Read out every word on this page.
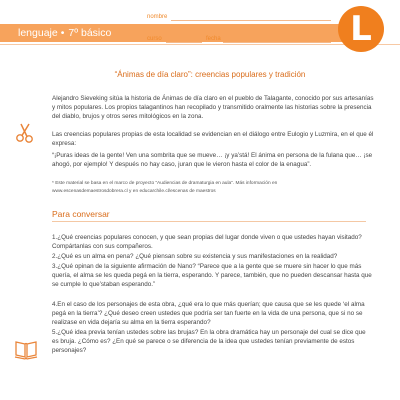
lenguaje • 7º básico
nombre
curso	fecha	L
“Ánimas de día claro”: creencias populares y tradición
Alejandro Sieveking sitúa la historia de Ánimas de día claro en el pueblo de Talagante, conocido por sus artesanías y mitos populares. Los propios talagantinos han recopilado y transmitido oralmente las historias sobre la presencia del diablo, brujos y otros seres mitológicos en la zona.
Las creencias populares propias de esta localidad se evidencian en el diálogo entre Eulogio y Luzmira, en el que él expresa:
“¡Puras ideas de la gente! Ven una sombrita que se mueve… ¡y ya’stá! El ánima en persona de la fulana que… ¡se ahogó, por ejemplo! Y después no hay caso, juran que le vieron hasta el color de la enagua”.
* Este material se basa en el marco de proyecto “Audiencias de dramaturgia en aula”. Más información en
www.escenasdemaestrosdobrera.cl y en educarchile.cl/escenas de maestros
Para conversar
1.¿Qué creencias populares conocen, y que sean propias del lugar donde viven o que ustedes hayan visitado? Compártanlas con sus compañeros.
2.¿Qué es un alma en pena? ¿Qué piensan sobre su existencia y sus manifestaciones en la realidad?
3.¿Qué opinan de la siguiente afirmación de Nano? “Parece que a la gente que se muere sin hacer lo que más quería, el alma se les queda pegá en la tierra, esperando. Y parece, también, que no pueden descansar hasta que se cumple lo que’staban esperando.”
4.En el caso de los personajes de esta obra, ¿qué era lo que más querían; que causa que se les quede ‘el alma pegá en la tierra’? ¿Qué deseo creen ustedes que podría ser tan fuerte en la vida de una persona, que si no se realizase en vida dejaría su alma en la tierra esperando?
5.¿Qué idea previa tenían ustedes sobre las brujas? En la obra dramática hay un personaje del cual se dice que es bruja. ¿Cómo es? ¿En qué se parece o se diferencia de la idea que ustedes tenían previamente de estos personajes?
